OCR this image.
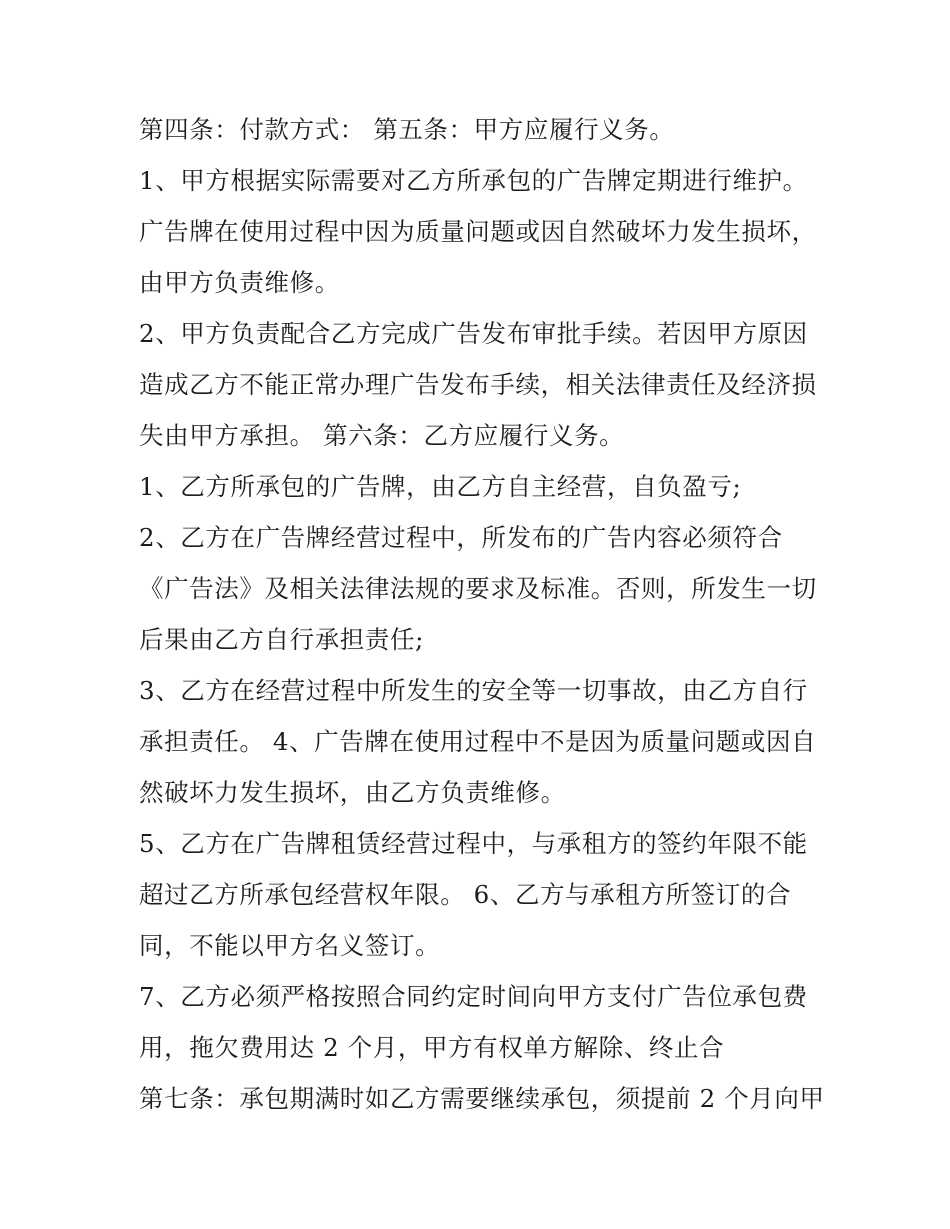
第四条：付款方式： 第五条：甲方应履行义务。
1、甲方根据实际需要对乙方所承包的广告牌定期进行维护。
广告牌在使用过程中因为质量问题或因自然破坏力发生损坏，
由甲方负责维修。
2、甲方负责配合乙方完成广告发布审批手续。若因甲方原因
造成乙方不能正常办理广告发布手续，相关法律责任及经济损
失由甲方承担。 第六条：乙方应履行义务。
1、乙方所承包的广告牌，由乙方自主经营，自负盈亏;
2、乙方在广告牌经营过程中，所发布的广告内容必须符合
《广告法》及相关法律法规的要求及标准。否则，所发生一切
后果由乙方自行承担责任;
3、乙方在经营过程中所发生的安全等一切事故，由乙方自行
承担责任。 4、广告牌在使用过程中不是因为质量问题或因自
然破坏力发生损坏，由乙方负责维修。
5、乙方在广告牌租赁经营过程中，与承租方的签约年限不能
超过乙方所承包经营权年限。 6、乙方与承租方所签订的合
同，不能以甲方名义签订。
7、乙方必须严格按照合同约定时间向甲方支付广告位承包费
用，拖欠费用达 2 个月，甲方有权单方解除、终止合
第七条：承包期满时如乙方需要继续承包，须提前 2 个月向甲
